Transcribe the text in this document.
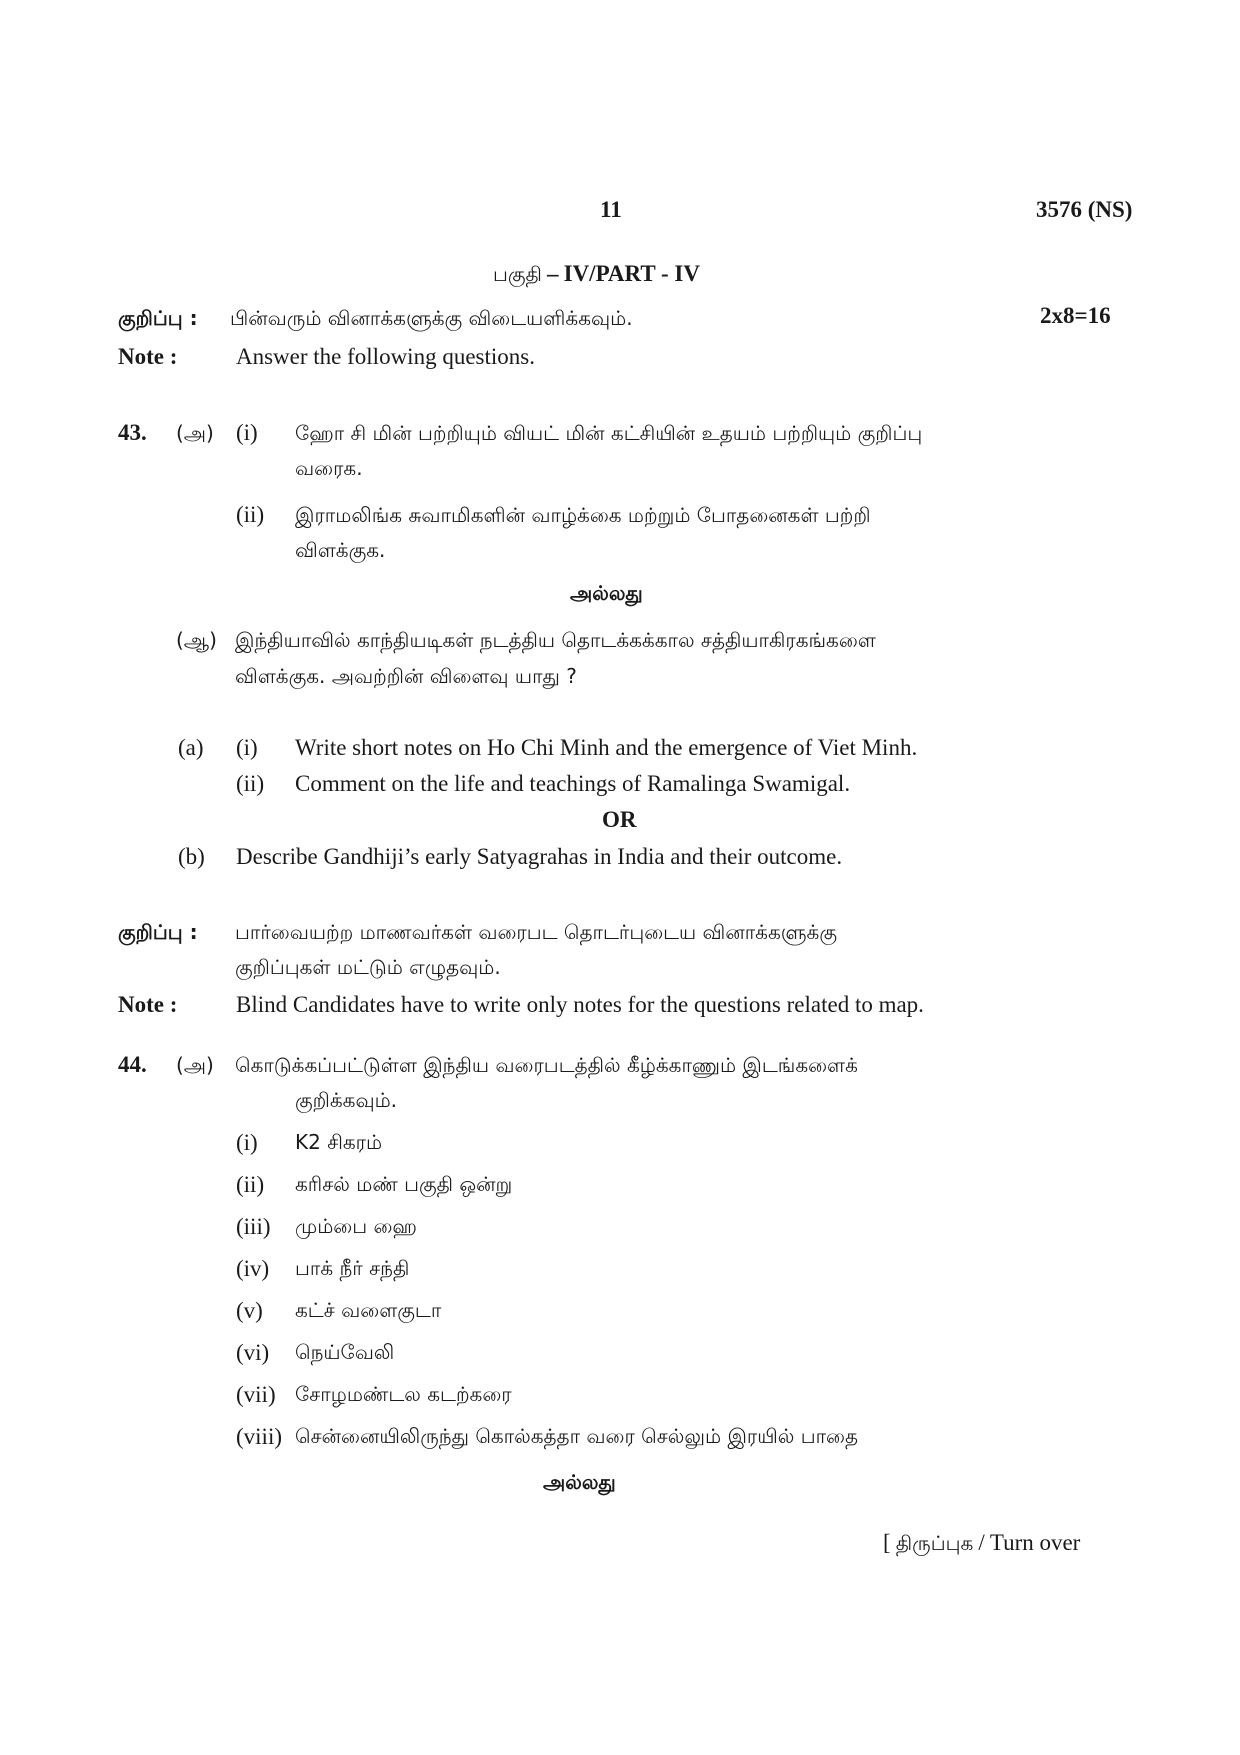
11	3576 (NS)
பகுதி – IV/PART - IV
குறிப்பு : பின்வரும் வினாக்களுக்கு விடையளிக்கவும்.	2x8=16
Note :	Answer the following questions.
43. (அ) (i) ஹோ சி மின் பற்றியும் வியட் மின் கட்சியின் உதயம் பற்றியும் குறிப்பு
வரைக.
(ii) இராமலிங்க சுவாமிகளின் வாழ்க்கை மற்றும் போதனைகள் பற்றி
விளக்குக.
அல்லது
(ஆ) இந்தியாவில் காந்தியடிகள் நடத்திய தொடக்கக்கால சத்தியாகிரகங்களை
விளக்குக. அவற்றின் விளைவு யாது ?
(a) (i) Write short notes on Ho Chi Minh and the emergence of Viet Minh.
(ii) Comment on the life and teachings of Ramalinga Swamigal.
OR
(b) Describe Gandhiji’s early Satyagrahas in India and their outcome.
குறிப்பு : பார்வையற்ற மாணவர்கள் வரைபட தொடர்புடைய வினாக்களுக்கு
குறிப்புகள் மட்டும் எழுதவும்.
Note :	Blind Candidates have to write only notes for the questions related to map.
44. (அ) கொடுக்கப்பட்டுள்ள இந்திய வரைபடத்தில் கீழ்க்காணும் இடங்களைக்
குறிக்கவும்.
(i) K2 சிகரம்
(ii) கரிசல் மண் பகுதி ஒன்று
(iii) மும்பை ஹை
(iv) பாக் நீர் சந்தி
(v) கட்ச் வளைகுடா
(vi) நெய்வேலி
(vii) சோழமண்டல கடற்கரை
(viii) சென்னையிலிருந்து கொல்கத்தா வரை செல்லும் இரயில் பாதை
அல்லது
[ திருப்புக / Turn over
